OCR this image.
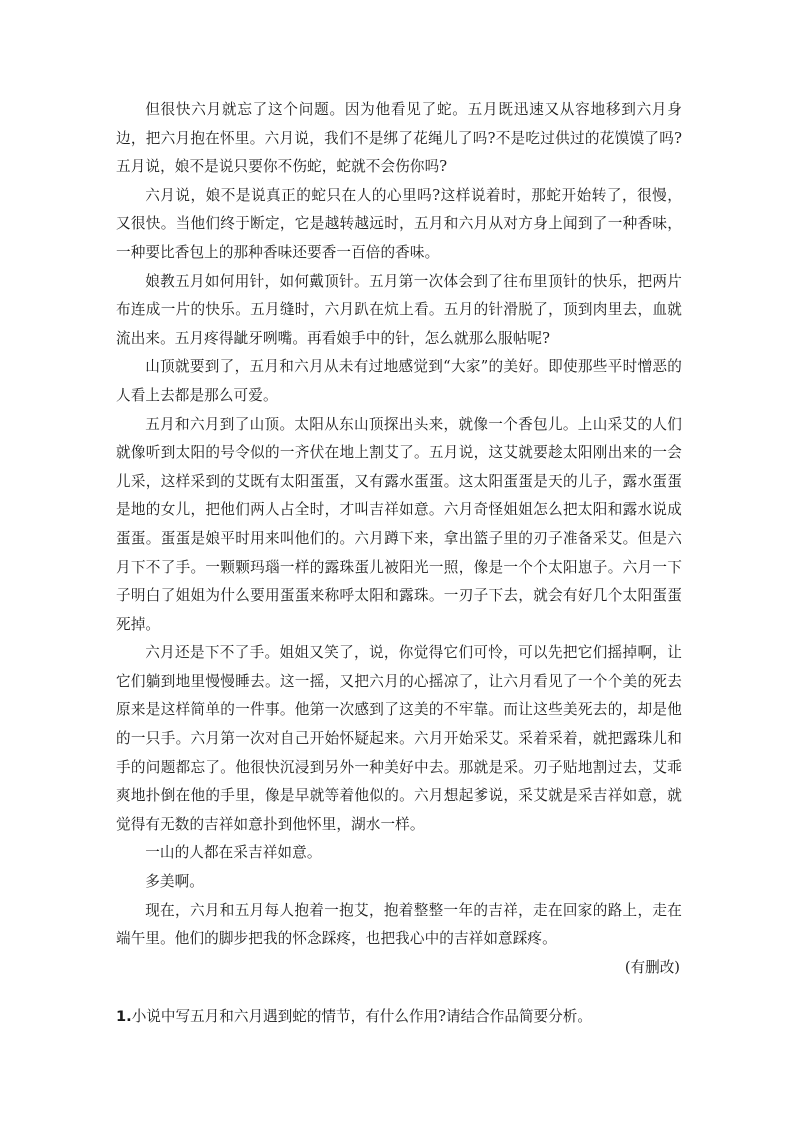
但很快六月就忘了这个问题。因为他看见了蛇。五月既迅速又从容地移到六月身边，把六月抱在怀里。六月说，我们不是绑了花绳儿了吗?不是吃过供过的花馍馍了吗?五月说，娘不是说只要你不伤蛇，蛇就不会伤你吗?

六月说，娘不是说真正的蛇只在人的心里吗?这样说着时，那蛇开始转了，很慢，又很快。当他们终于断定，它是越转越远时，五月和六月从对方身上闻到了一种香味，一种要比香包上的那种香味还要香一百倍的香味。

娘教五月如何用针，如何戴顶针。五月第一次体会到了往布里顶针的快乐，把两片布连成一片的快乐。五月缝时，六月趴在炕上看。五月的针滑脱了，顶到肉里去，血就流出来。五月疼得龇牙咧嘴。再看娘手中的针，怎么就那么服帖呢?

山顶就要到了，五月和六月从未有过地感觉到“大家”的美好。即使那些平时憎恶的人看上去都是那么可爱。

五月和六月到了山顶。太阳从东山顶探出头来，就像一个香包儿。上山采艾的人们就像听到太阳的号令似的一齐伏在地上割艾了。五月说，这艾就要趁太阳刚出来的一会儿采，这样采到的艾既有太阳蛋蛋，又有露水蛋蛋。这太阳蛋蛋是天的儿子，露水蛋蛋是地的女儿，把他们两人占全时，才叫吉祥如意。六月奇怪姐姐怎么把太阳和露水说成蛋蛋。蛋蛋是娘平时用来叫他们的。六月蹲下来，拿出篮子里的刃子准备采艾。但是六月下不了手。一颗颗玛瑙一样的露珠蛋儿被阳光一照，像是一个个太阳崽子。六月一下子明白了姐姐为什么要用蛋蛋来称呼太阳和露珠。一刃子下去，就会有好几个太阳蛋蛋死掉。

六月还是下不了手。姐姐又笑了，说，你觉得它们可怜，可以先把它们摇掉啊，让它们躺到地里慢慢睡去。这一摇，又把六月的心摇凉了，让六月看见了一个个美的死去原来是这样简单的一件事。他第一次感到了这美的不牢靠。而让这些美死去的，却是他的一只手。六月第一次对自己开始怀疑起来。六月开始采艾。采着采着，就把露珠儿和手的问题都忘了。他很快沉浸到另外一种美好中去。那就是采。刃子贴地割过去，艾乖爽地扑倒在他的手里，像是早就等着他似的。六月想起爹说，采艾就是采吉祥如意，就觉得有无数的吉祥如意扑到他怀里，湖水一样。

一山的人都在采吉祥如意。

多美啊。

现在，六月和五月每人抱着一抱艾，抱着整整一年的吉祥，走在回家的路上，走在端午里。他们的脚步把我的怀念踩疼，也把我心中的吉祥如意踩疼。

(有删改)

1.小说中写五月和六月遇到蛇的情节，有什么作用?请结合作品简要分析。
